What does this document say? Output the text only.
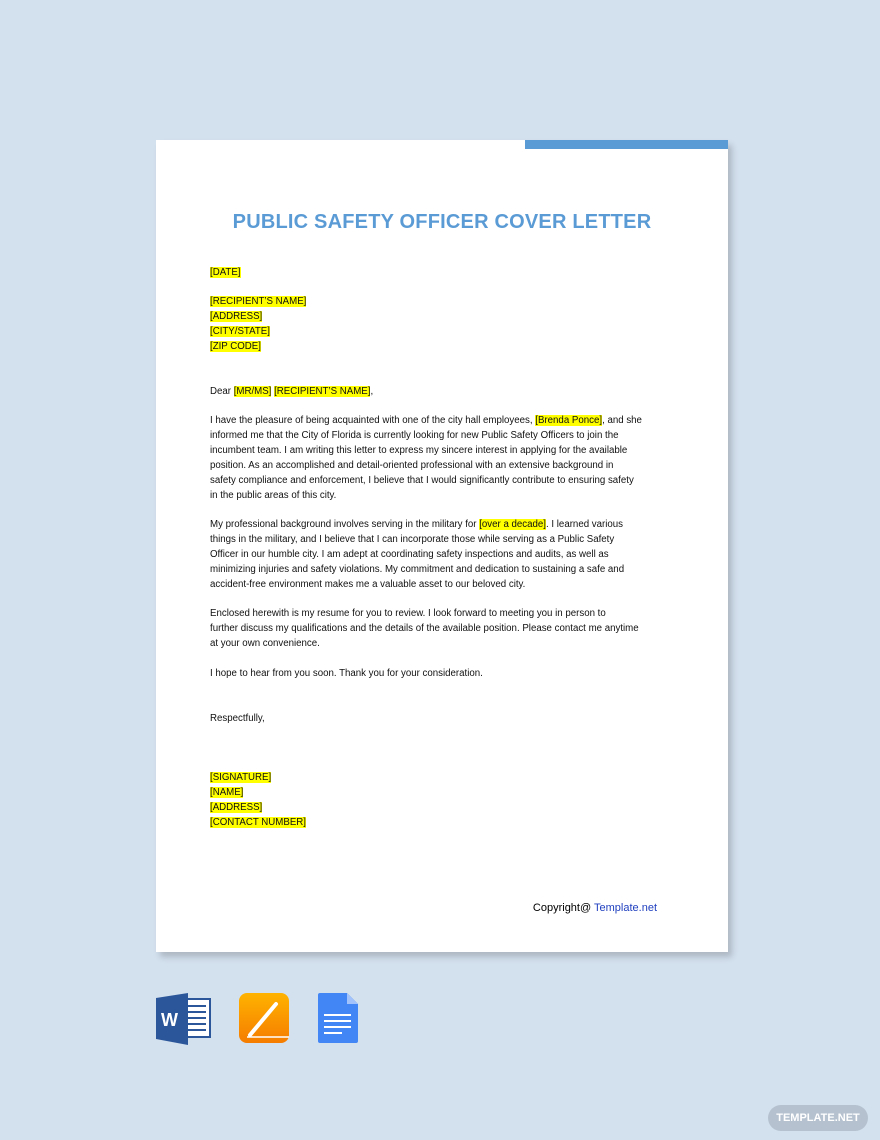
PUBLIC SAFETY OFFICER COVER LETTER
[DATE]
[RECIPIENT’S NAME]
[ADDRESS]
[CITY/STATE]
[ZIP CODE]
Dear [MR/MS] [RECIPIENT’S NAME],
I have the pleasure of being acquainted with one of the city hall employees, [Brenda Ponce], and she
informed me that the City of Florida is currently looking for new Public Safety Officers to join the
incumbent team. I am writing this letter to express my sincere interest in applying for the available
position. As an accomplished and detail-oriented professional with an extensive background in
safety compliance and enforcement, I believe that I would significantly contribute to ensuring safety
in the public areas of this city.
My professional background involves serving in the military for [over a decade]. I learned various
things in the military, and I believe that I can incorporate those while serving as a Public Safety
Officer in our humble city. I am adept at coordinating safety inspections and audits, as well as
minimizing injuries and safety violations. My commitment and dedication to sustaining a safe and
accident-free environment makes me a valuable asset to our beloved city.
Enclosed herewith is my resume for you to review. I look forward to meeting you in person to
further discuss my qualifications and the details of the available position. Please contact me anytime
at your own convenience.
I hope to hear from you soon. Thank you for your consideration.
Respectfully,
[SIGNATURE]
[NAME]
[ADDRESS]
[CONTACT NUMBER]
Copyright@ Template.net
W
TEMPLATE.NET
